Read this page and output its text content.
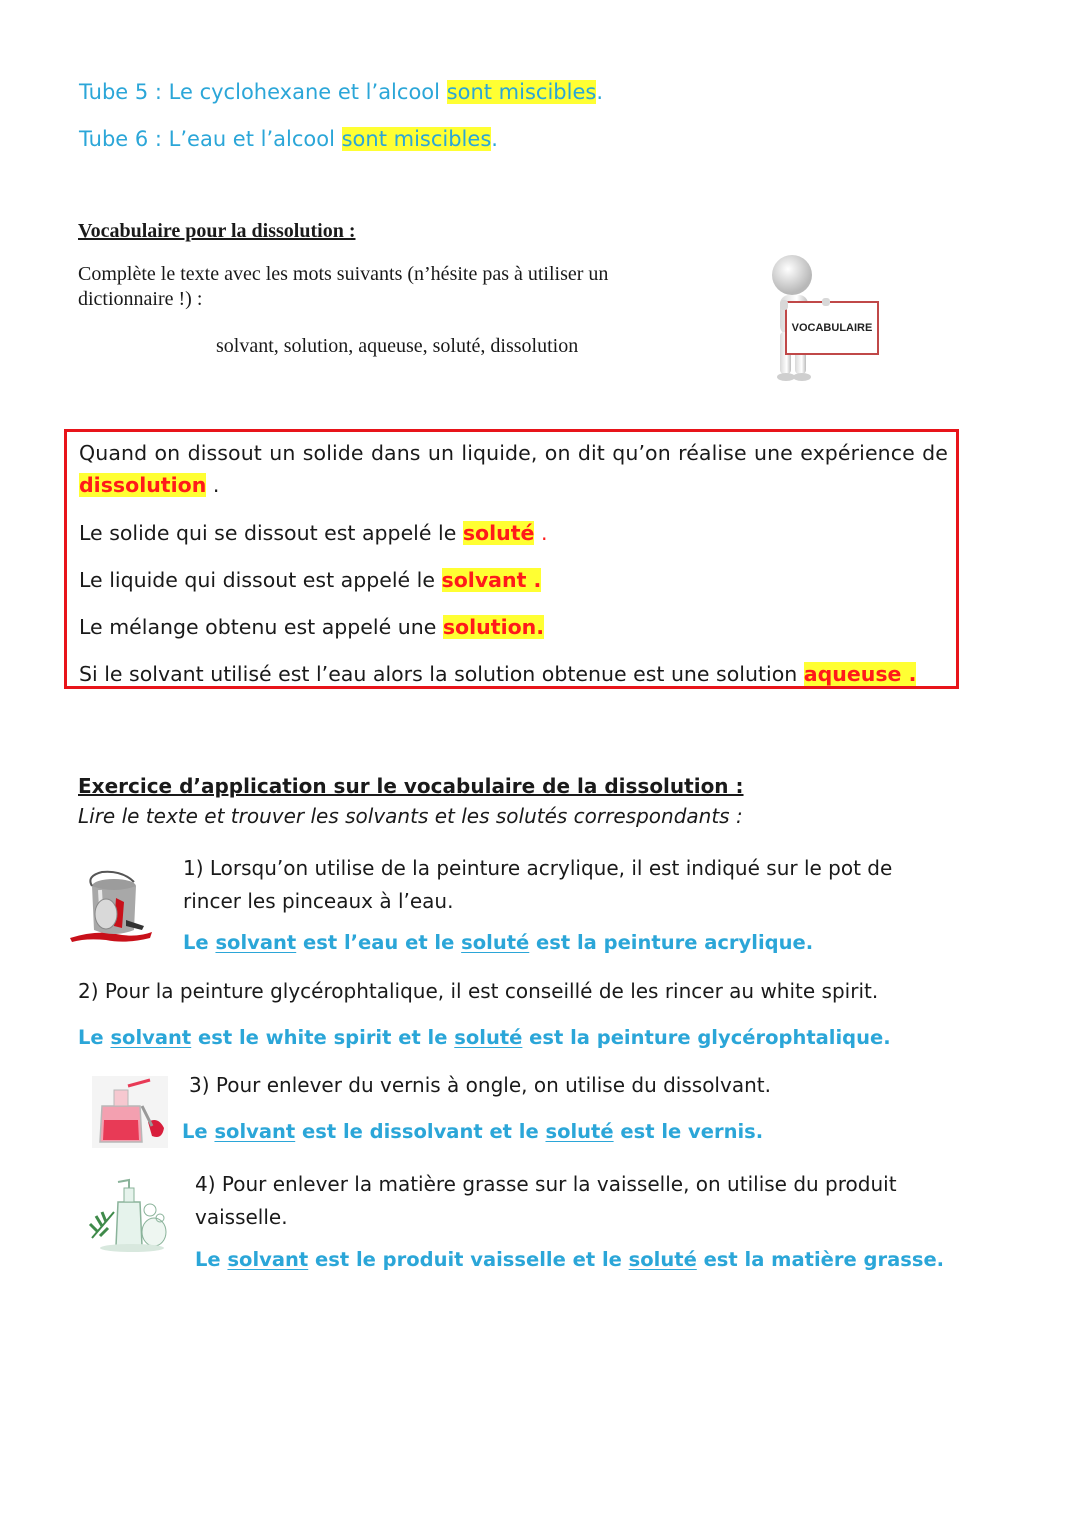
Tube 5 : Le cyclohexane et l’alcool sont miscibles.
Tube 6 : L’eau et l’alcool sont miscibles.
Vocabulaire pour la dissolution :
Complète le texte avec les mots suivants (n’hésite pas à utiliser un
dictionnaire !) :
solvant, solution, aqueuse, soluté, dissolution
VOCABULAIRE
Quand on dissout un solide dans un liquide, on dit qu’on réalise une expérience de
dissolution .
Le solide qui se dissout est appelé le soluté .
Le liquide qui dissout est appelé le solvant .
Le mélange obtenu est appelé une solution.
Si le solvant utilisé est l’eau alors la solution obtenue est une solution aqueuse .
Exercice d’application sur le vocabulaire de la dissolution :
Lire le texte et trouver les solvants et les solutés correspondants :
1) Lorsqu’on utilise de la peinture acrylique, il est indiqué sur le pot de
rincer les pinceaux à l’eau.
Le solvant est l’eau et le soluté est la peinture acrylique.
2) Pour la peinture glycérophtalique, il est conseillé de les rincer au white spirit.
Le solvant est le white spirit et le soluté est la peinture glycérophtalique.
3) Pour enlever du vernis à ongle, on utilise du dissolvant.
Le solvant est le dissolvant et le soluté est le vernis.
4) Pour enlever la matière grasse sur la vaisselle, on utilise du produit
vaisselle.
Le solvant est le produit vaisselle et le soluté est la matière grasse.
